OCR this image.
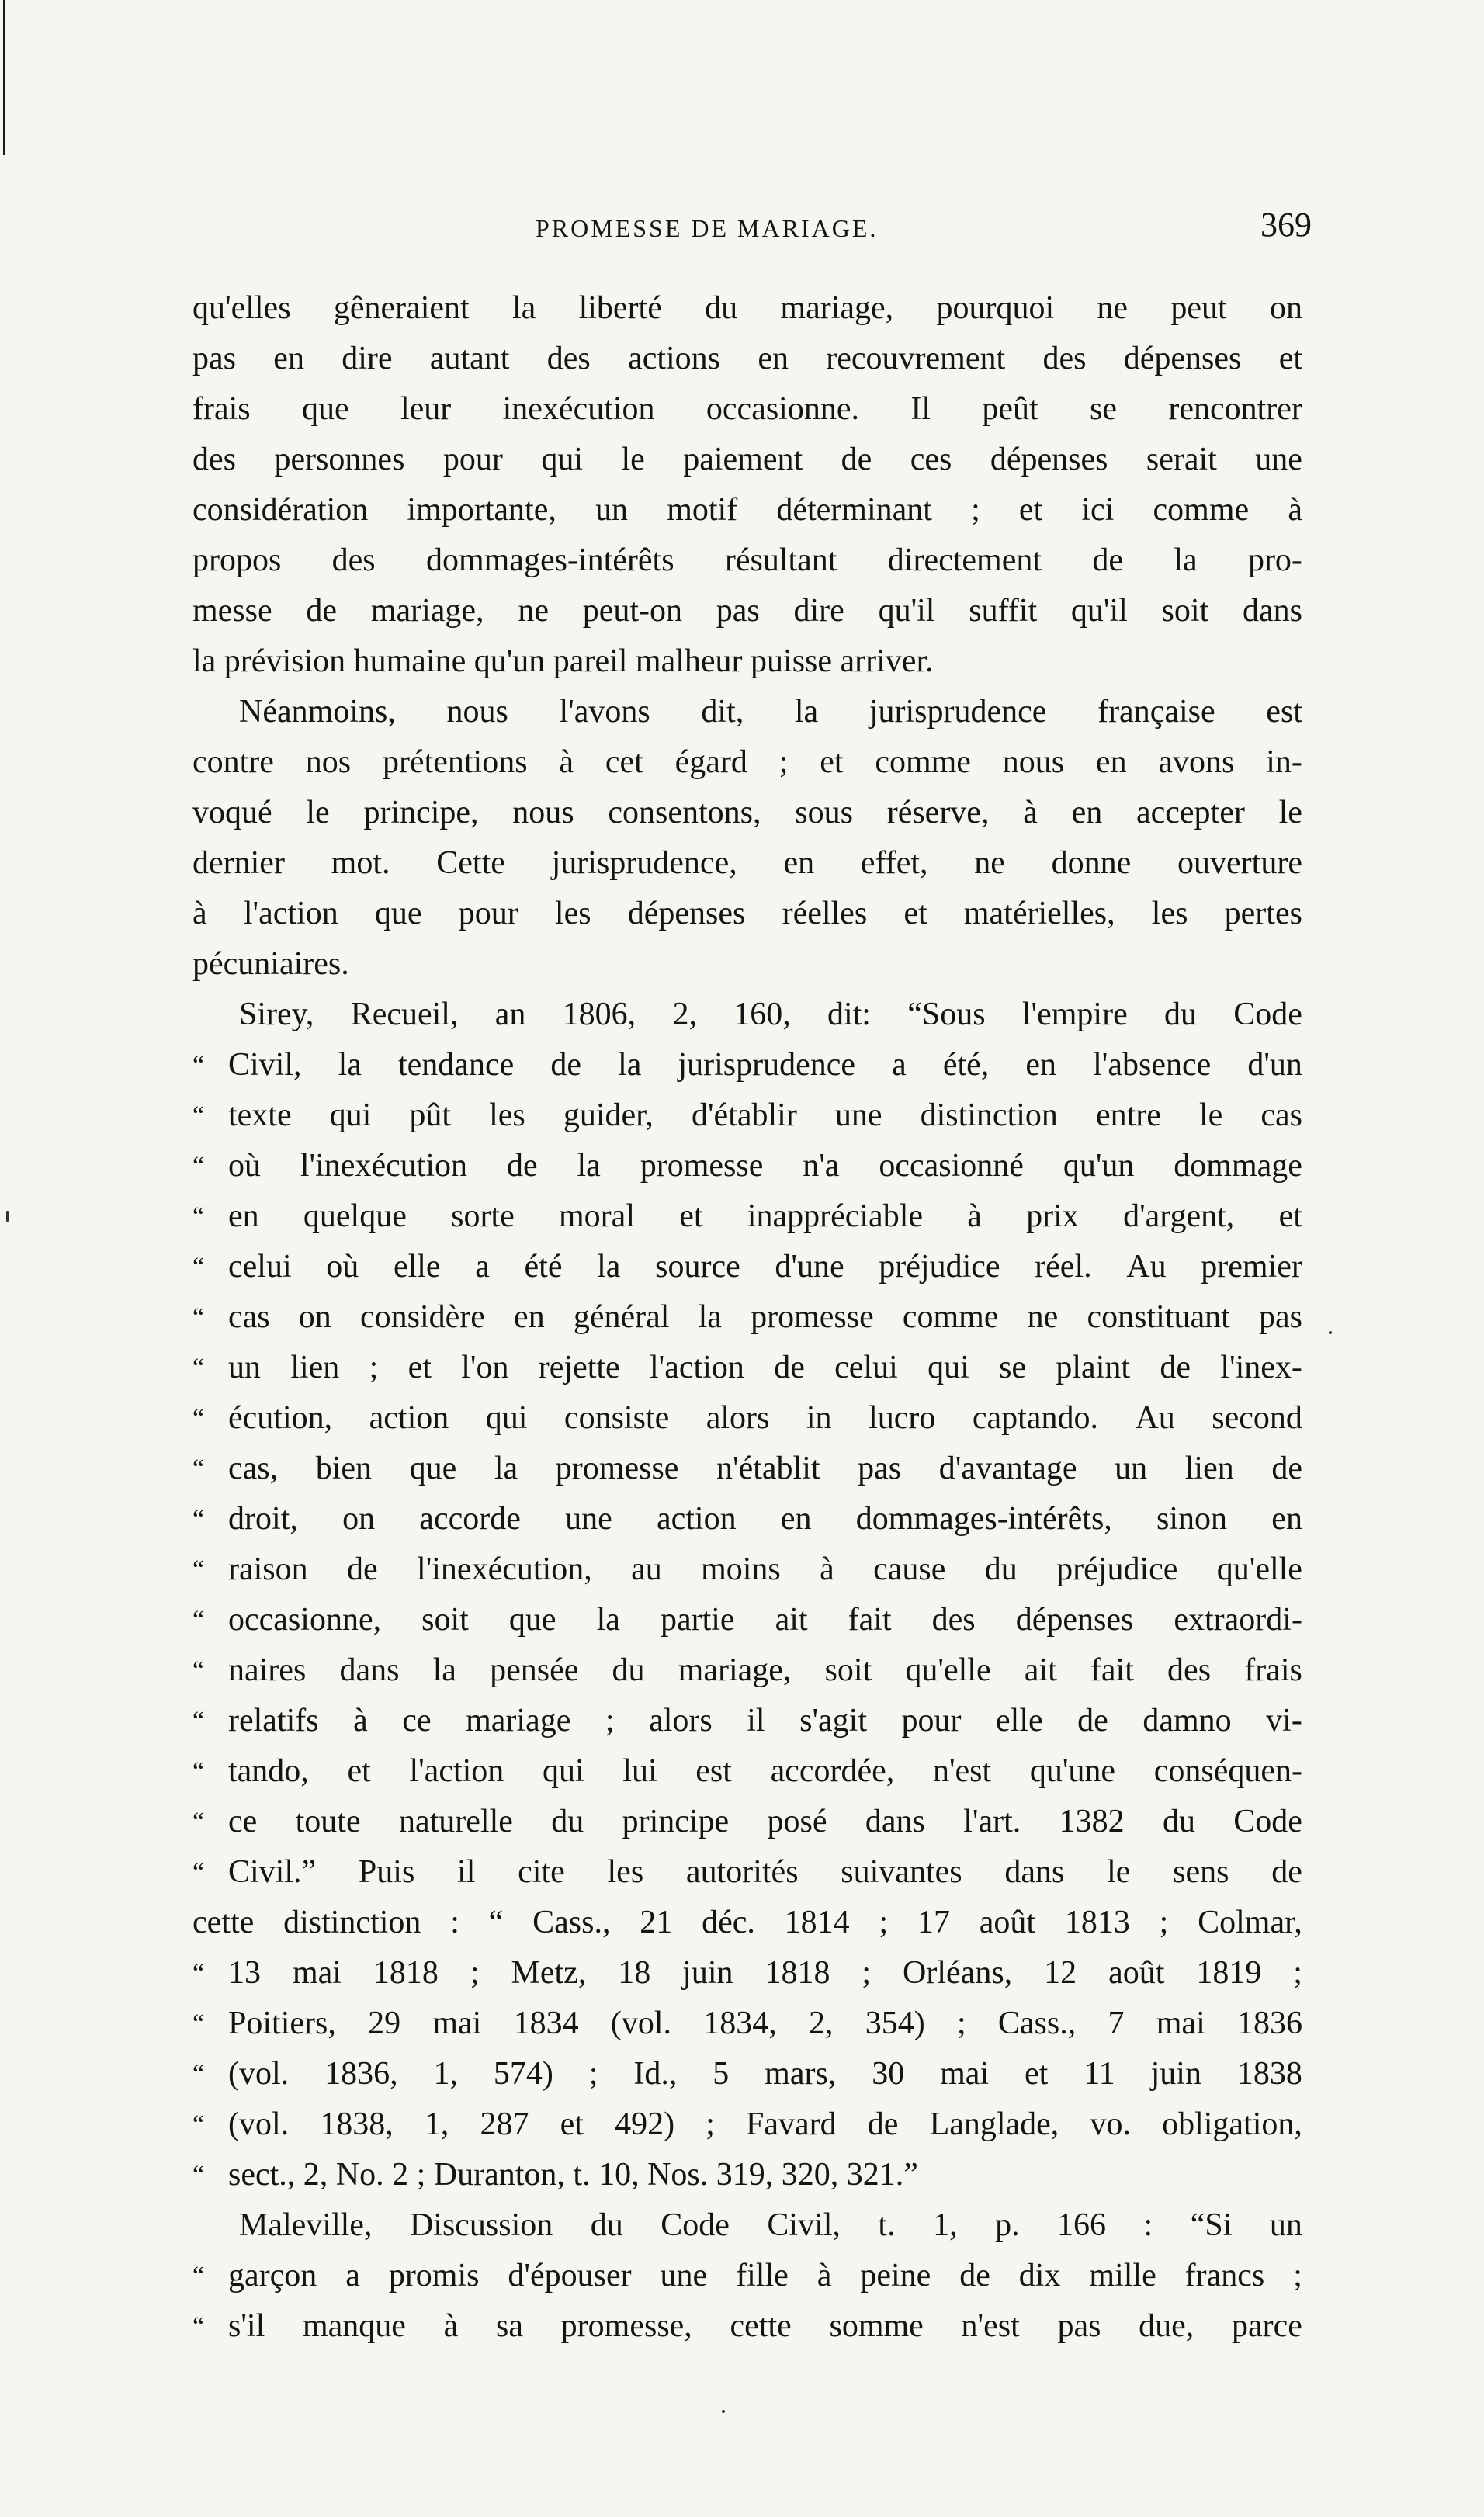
PROMESSE DE MARIAGE.	369
qu'elles gêneraient la liberté du mariage, pourquoi ne peut on
pas en dire autant des actions en recouvrement des dépenses et
frais que leur inexécution occasionne. Il peût se rencontrer
des personnes pour qui le paiement de ces dépenses serait une
considération importante, un motif déterminant ; et ici comme à
propos des dommages-intérêts résultant directement de la pro-
messe de mariage, ne peut-on pas dire qu'il suffit qu'il soit dans
la prévision humaine qu'un pareil malheur puisse arriver.
Néanmoins, nous l'avons dit, la jurisprudence française est
contre nos prétentions à cet égard ; et comme nous en avons in-
voqué le principe, nous consentons, sous réserve, à en accepter le
dernier mot. Cette jurisprudence, en effet, ne donne ouverture
à l'action que pour les dépenses réelles et matérielles, les pertes
pécuniaires.
Sirey, Recueil, an 1806, 2, 160, dit: “Sous l'empire du Code
“ Civil, la tendance de la jurisprudence a été, en l'absence d'un
“ texte qui pût les guider, d'établir une distinction entre le cas
“ où l'inexécution de la promesse n'a occasionné qu'un dommage
“ en quelque sorte moral et inappréciable à prix d'argent, et
“ celui où elle a été la source d'une préjudice réel. Au premier
“ cas on considère en général la promesse comme ne constituant pas
“ un lien ; et l'on rejette l'action de celui qui se plaint de l'inex-
“ écution, action qui consiste alors in lucro captando. Au second
“ cas, bien que la promesse n'établit pas d'avantage un lien de
“ droit, on accorde une action en dommages-intérêts, sinon en
“ raison de l'inexécution, au moins à cause du préjudice qu'elle
“ occasionne, soit que la partie ait fait des dépenses extraordi-
“ naires dans la pensée du mariage, soit qu'elle ait fait des frais
“ relatifs à ce mariage ; alors il s'agit pour elle de damno vi-
“ tando, et l'action qui lui est accordée, n'est qu'une conséquen-
“ ce toute naturelle du principe posé dans l'art. 1382 du Code
“ Civil.” Puis il cite les autorités suivantes dans le sens de
cette distinction : “ Cass., 21 déc. 1814 ; 17 août 1813 ; Colmar,
“ 13 mai 1818 ; Metz, 18 juin 1818 ; Orléans, 12 août 1819 ;
“ Poitiers, 29 mai 1834 (vol. 1834, 2, 354) ; Cass., 7 mai 1836
“ (vol. 1836, 1, 574) ; Id., 5 mars, 30 mai et 11 juin 1838
“ (vol. 1838, 1, 287 et 492) ; Favard de Langlade, vo. obligation,
“ sect., 2, No. 2 ; Duranton, t. 10, Nos. 319, 320, 321.”
Maleville, Discussion du Code Civil, t. 1, p. 166 : “Si un
“ garçon a promis d'épouser une fille à peine de dix mille francs ;
“ s'il manque à sa promesse, cette somme n'est pas due, parce
